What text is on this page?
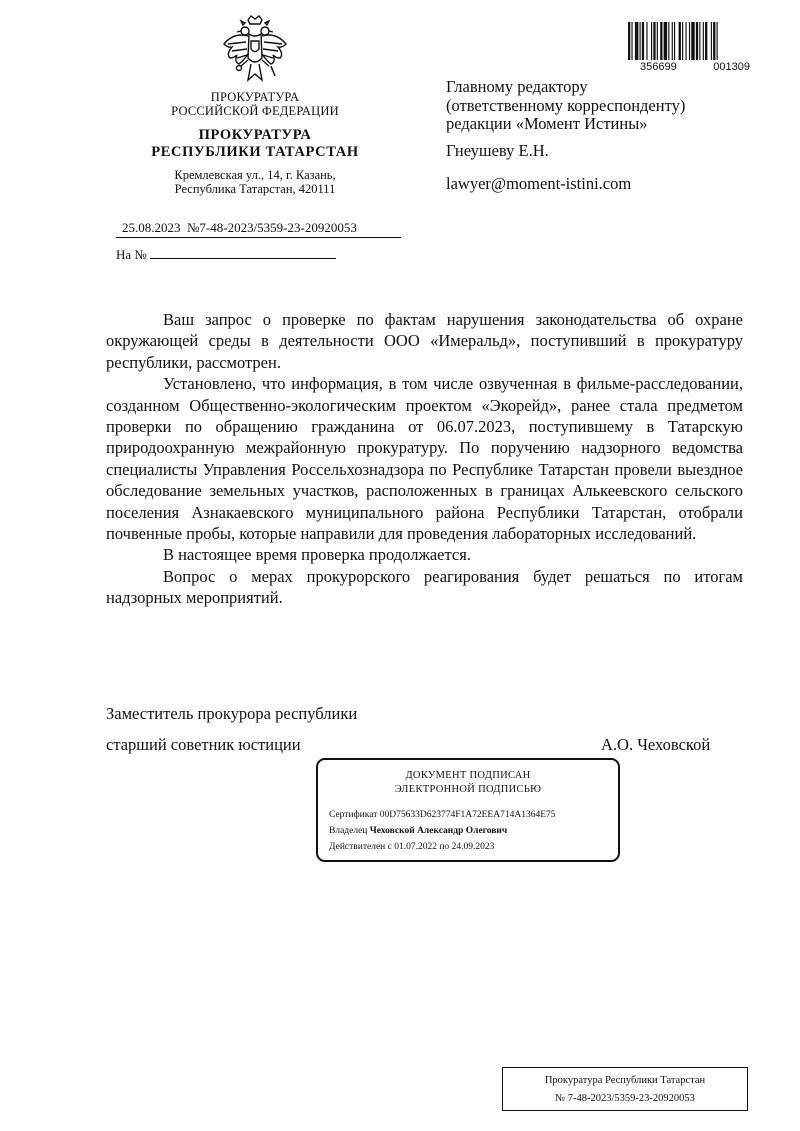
ПРОКУРАТУРА
РОССИЙСКОЙ ФЕДЕРАЦИИ
ПРОКУРАТУРА
РЕСПУБЛИКИ ТАТАРСТАН
Кремлевская ул., 14, г. Казань,
Республика Татарстан, 420111
25.08.2023 №7-48-2023/5359-23-20920053
На №
356699	001309
Главному редактору
(ответственному корреспонденту)
редакции «Момент Истины»
Гнеушеву Е.Н.
lawyer@moment-istini.com

Ваш запрос о проверке по фактам нарушения законодательства об охране окружающей среды в деятельности ООО «Имеральд», поступивший в прокуратуру республики, рассмотрен.

Установлено, что информация, в том числе озвученная в фильме-расследовании, созданном Общественно-экологическим проектом «Экорейд», ранее стала предметом проверки по обращению гражданина от 06.07.2023, поступившему в Татарскую природоохранную межрайонную прокуратуру. По поручению надзорного ведомства специалисты Управления Россельхознадзора по Республике Татарстан провели выездное обследование земельных участков, расположенных в границах Алькеевского сельского поселения Азнакаевского муниципального района Республики Татарстан, отобрали почвенные пробы, которые направили для проведения лабораторных исследований.

В настоящее время проверка продолжается.

Вопрос о мерах прокурорского реагирования будет решаться по итогам надзорных мероприятий.

Заместитель прокурора республики
старший советник юстиции	А.О. Чеховской
ДОКУМЕНТ ПОДПИСАН
ЭЛЕКТРОННОЙ ПОДПИСЬЮ
Сертификат 00D75633D623774F1A72EEA714A1364E75
Владелец Чеховской Александр Олегович
Действителен с 01.07.2022 по 24.09.2023
Прокуратура Республики Татарстан
№ 7-48-2023/5359-23-20920053
